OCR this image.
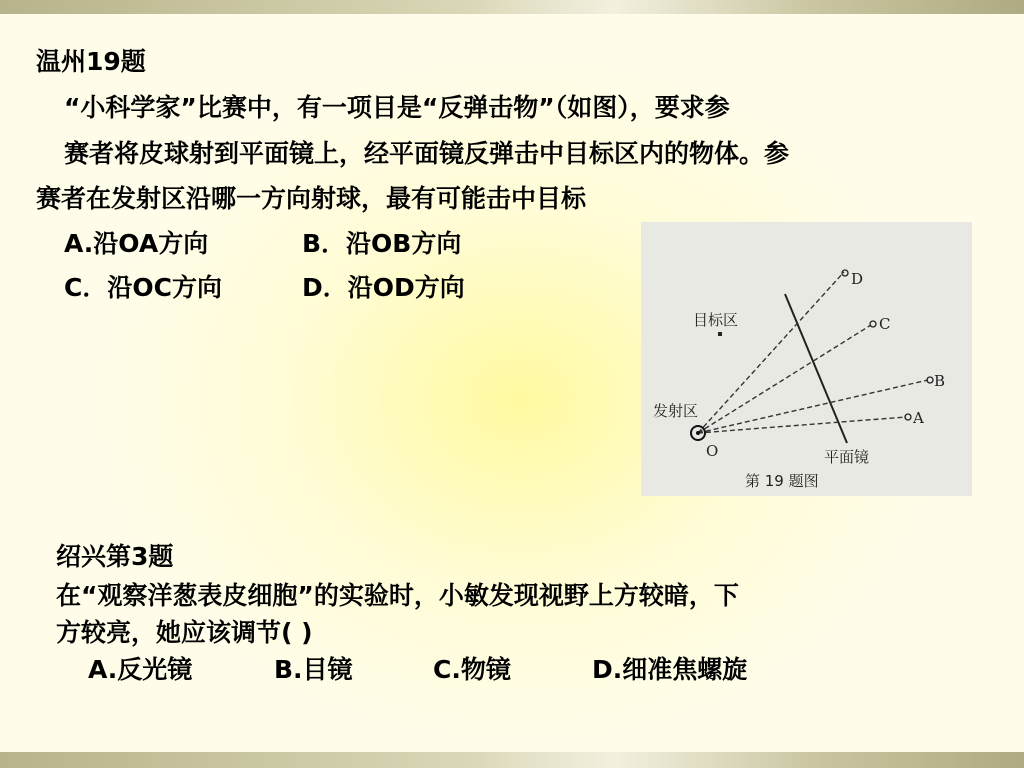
温州19题
“小科学家”比赛中，有一项目是“反弹击物”（如图），要求参
赛者将皮球射到平面镜上，经平面镜反弹击中目标区内的物体。参
赛者在发射区沿哪一方向射球，最有可能击中目标
A.沿OA方向	B．沿OB方向
C．沿OC方向	D．沿OD方向	D
C
B
A
目标区
发射区
O	平面镜
第 19 题图
绍兴第3题
在“观察洋葱表皮细胞”的实验时，小敏发现视野上方较暗，下
方较亮，她应该调节( )
A.反光镜	B.目镜	C.物镜	D.细准焦螺旋
